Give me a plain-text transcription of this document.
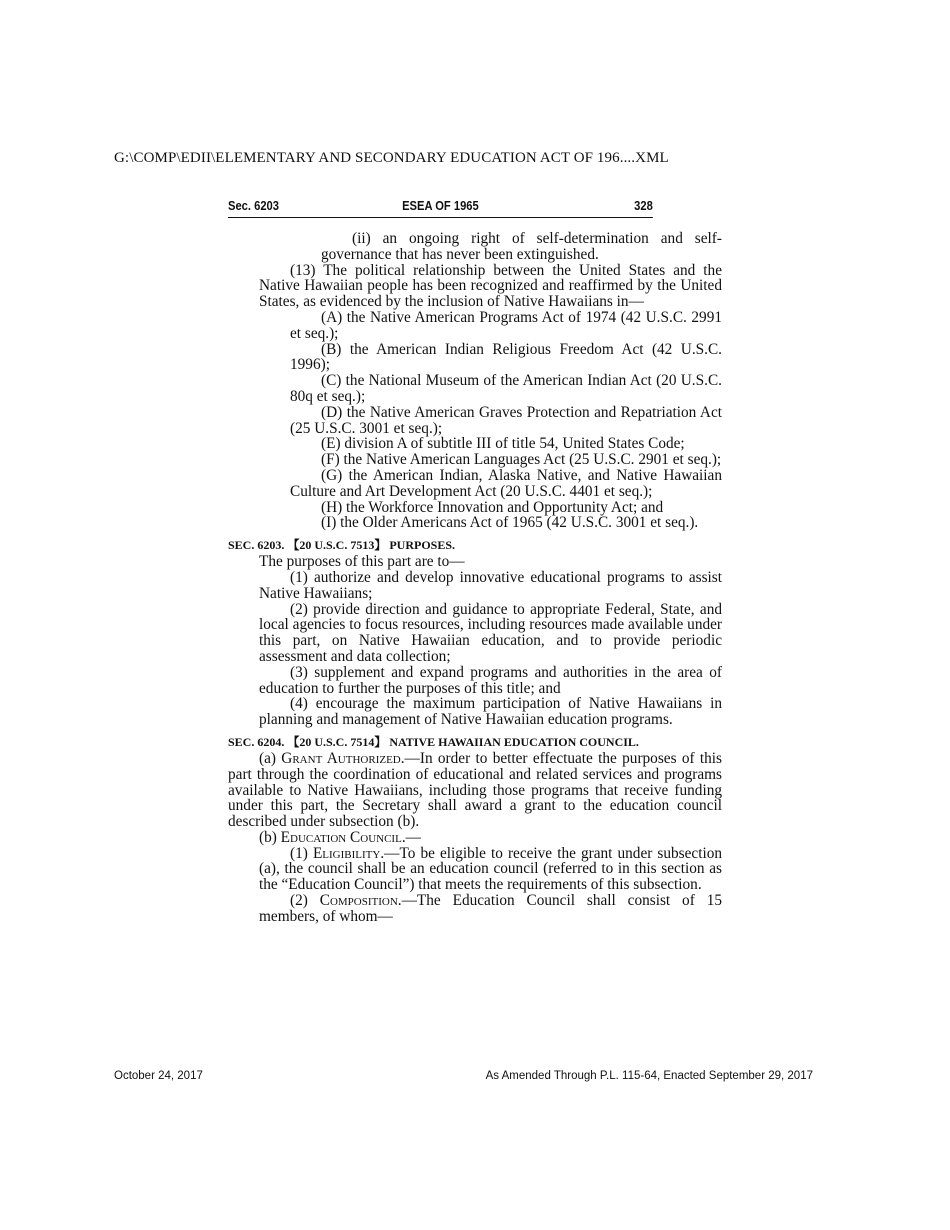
G:\COMP\EDII\ELEMENTARY AND SECONDARY EDUCATION ACT OF 196....XML
Sec. 6203	ESEA OF 1965	328

(ii) an ongoing right of self-determination and self-governance that has never been extinguished.

(13) The political relationship between the United States and the Native Hawaiian people has been recognized and reaffirmed by the United States, as evidenced by the inclusion of Native Hawaiians in—

(A) the Native American Programs Act of 1974 (42 U.S.C. 2991 et seq.);

(B) the American Indian Religious Freedom Act (42 U.S.C. 1996);

(C) the National Museum of the American Indian Act (20 U.S.C. 80q et seq.);

(D) the Native American Graves Protection and Repatriation Act (25 U.S.C. 3001 et seq.);

(E) division A of subtitle III of title 54, United States Code;

(F) the Native American Languages Act (25 U.S.C. 2901 et seq.);

(G) the American Indian, Alaska Native, and Native Hawaiian Culture and Art Development Act (20 U.S.C. 4401 et seq.);

(H) the Workforce Innovation and Opportunity Act; and

(I) the Older Americans Act of 1965 (42 U.S.C. 3001 et seq.).

SEC. 6203. 【20 U.S.C. 7513】 PURPOSES.

The purposes of this part are to—

(1) authorize and develop innovative educational programs to assist Native Hawaiians;

(2) provide direction and guidance to appropriate Federal, State, and local agencies to focus resources, including resources made available under this part, on Native Hawaiian education, and to provide periodic assessment and data collection;

(3) supplement and expand programs and authorities in the area of education to further the purposes of this title; and

(4) encourage the maximum participation of Native Hawaiians in planning and management of Native Hawaiian education programs.

SEC. 6204. 【20 U.S.C. 7514】 NATIVE HAWAIIAN EDUCATION COUNCIL.

(a) Grant Authorized.—In order to better effectuate the purposes of this part through the coordination of educational and related services and programs available to Native Hawaiians, including those programs that receive funding under this part, the Secretary shall award a grant to the education council described under subsection (b).

(b) Education Council.—

(1) Eligibility.—To be eligible to receive the grant under subsection (a), the council shall be an education council (referred to in this section as the “Education Council”) that meets the requirements of this subsection.

(2) Composition.—The Education Council shall consist of 15 members, of whom—

October 24, 2017	As Amended Through P.L. 115-64, Enacted September 29, 2017
